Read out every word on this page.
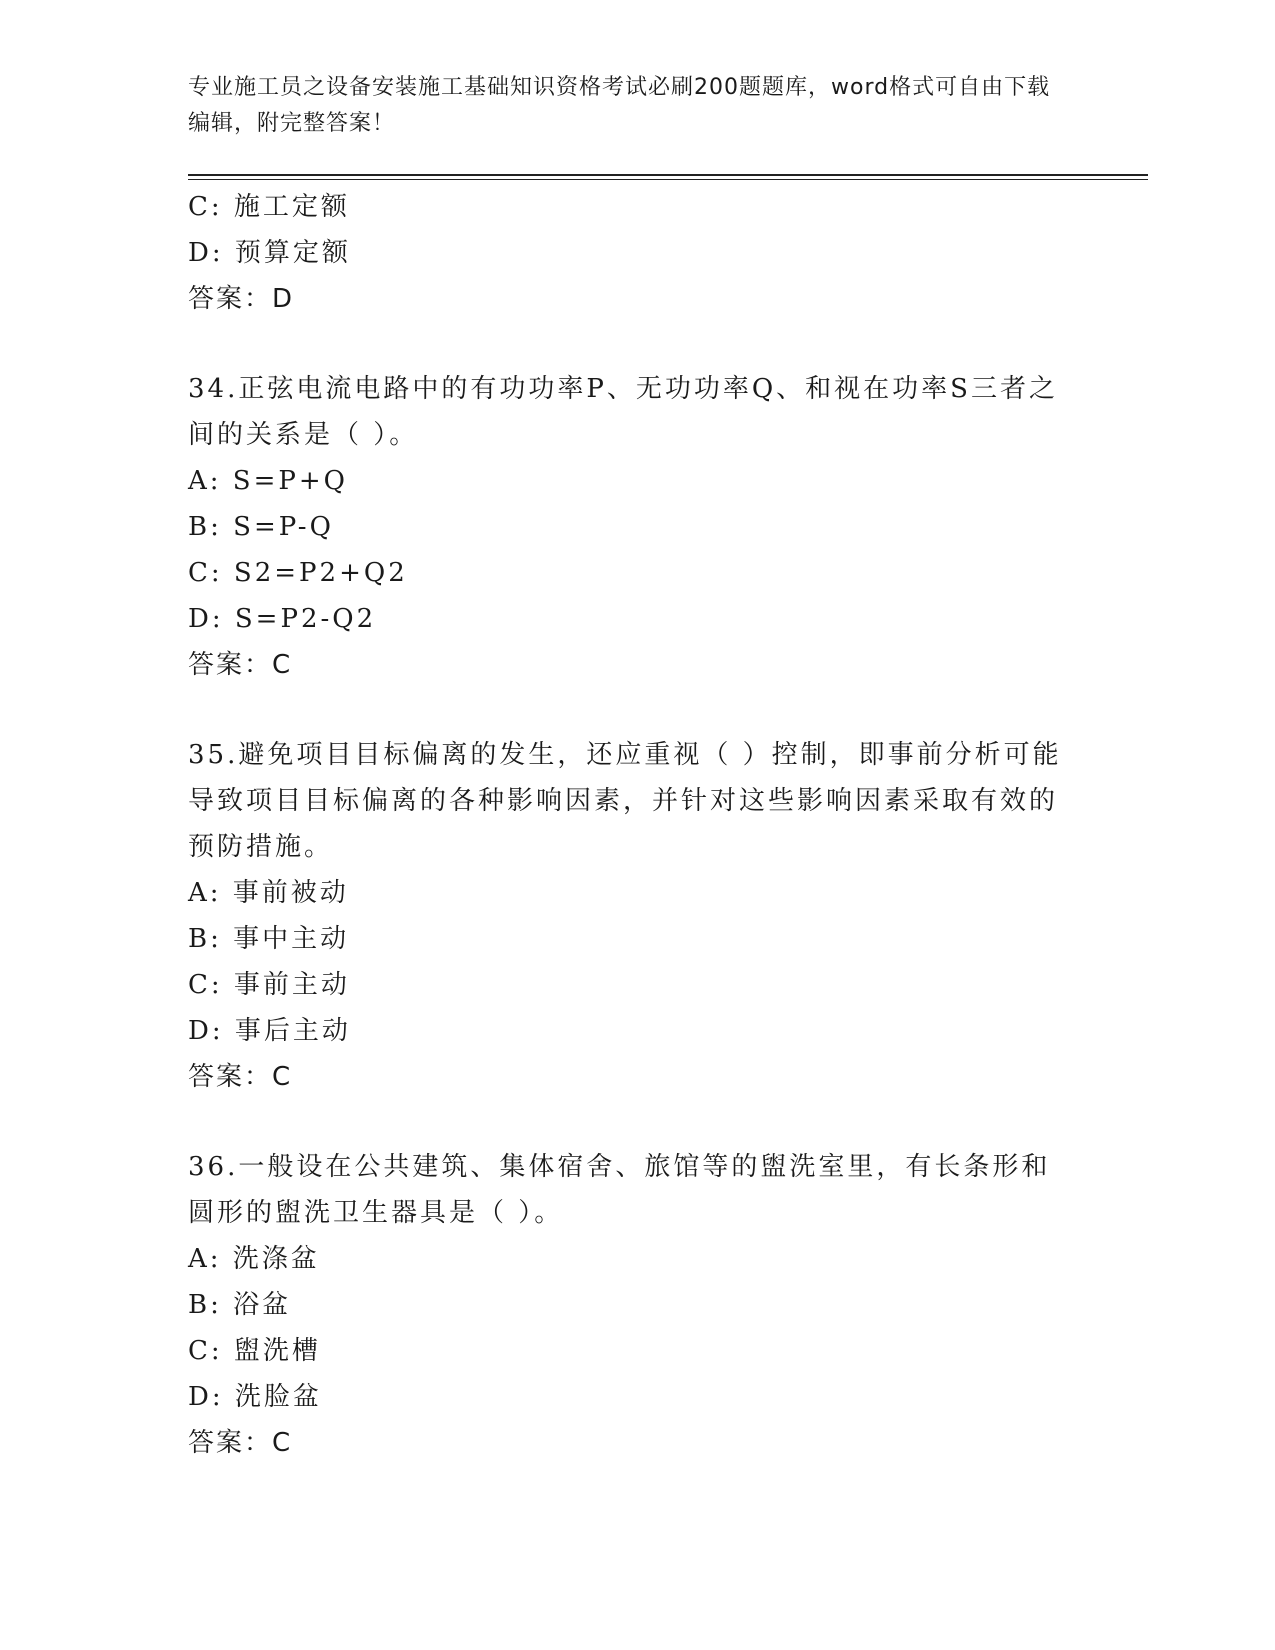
专业施工员之设备安装施工基础知识资格考试必刷200题题库，word格式可自由下载编辑，附完整答案！

C: 施工定额
D: 预算定额
答案：D
34.正弦电流电路中的有功功率P、无功功率Q、和视在功率S三者之间的关系是（ ）。
A: S=P+Q
B: S=P-Q
C: S2=P2+Q2
D: S=P2-Q2
答案：C
35.避免项目目标偏离的发生，还应重视（ ）控制，即事前分析可能导致项目目标偏离的各种影响因素，并针对这些影响因素采取有效的预防措施。
A: 事前被动
B: 事中主动
C: 事前主动
D: 事后主动
答案：C
36.一般设在公共建筑、集体宿舍、旅馆等的盥洗室里，有长条形和圆形的盥洗卫生器具是（ ）。
A: 洗涤盆
B: 浴盆
C: 盥洗槽
D: 洗脸盆
答案：C
